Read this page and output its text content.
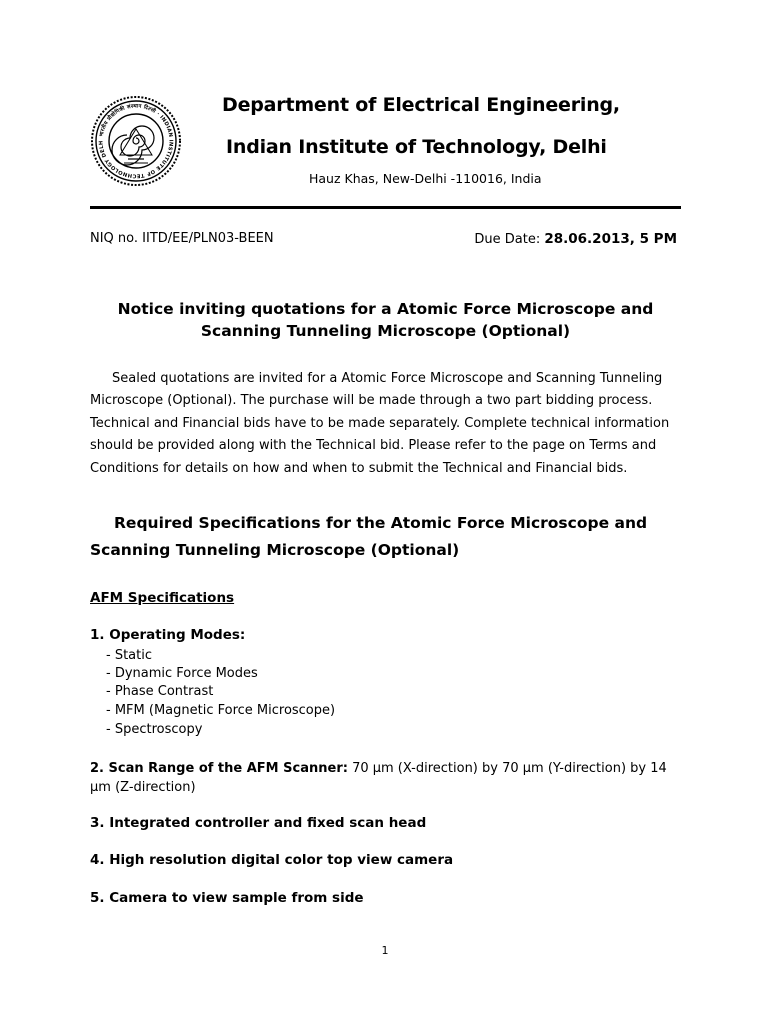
भारतीय प्रौद्योगिकी संस्थान दिल्ली · INDIAN INSTITUTE OF TECHNOLOGY DELH
Department of Electrical Engineering,
Indian Institute of Technology, Delhi
Hauz Khas, New-Delhi -110016, India
NIQ no. IITD/EE/PLN03-BEEN	Due Date: 28.06.2013, 5 PM
Notice inviting quotations for a Atomic Force Microscope and
Scanning Tunneling Microscope (Optional)
Sealed quotations are invited for a Atomic Force Microscope and Scanning Tunneling Microscope (Optional). The purchase will be made through a two part bidding process. Technical and Financial bids have to be made separately. Complete technical information should be provided along with the Technical bid. Please refer to the page on Terms and Conditions for details on how and when to submit the Technical and Financial bids.
Required Specifications for the Atomic Force Microscope and Scanning Tunneling Microscope (Optional)
AFM Specifications
1. Operating Modes:
- Static
- Dynamic Force Modes
- Phase Contrast
- MFM (Magnetic Force Microscope)
- Spectroscopy
2. Scan Range of the AFM Scanner: 70 µm (X-direction) by 70 µm (Y-direction) by 14 µm (Z-direction)
3. Integrated controller and fixed scan head
4. High resolution digital color top view camera
5. Camera to view sample from side
1
